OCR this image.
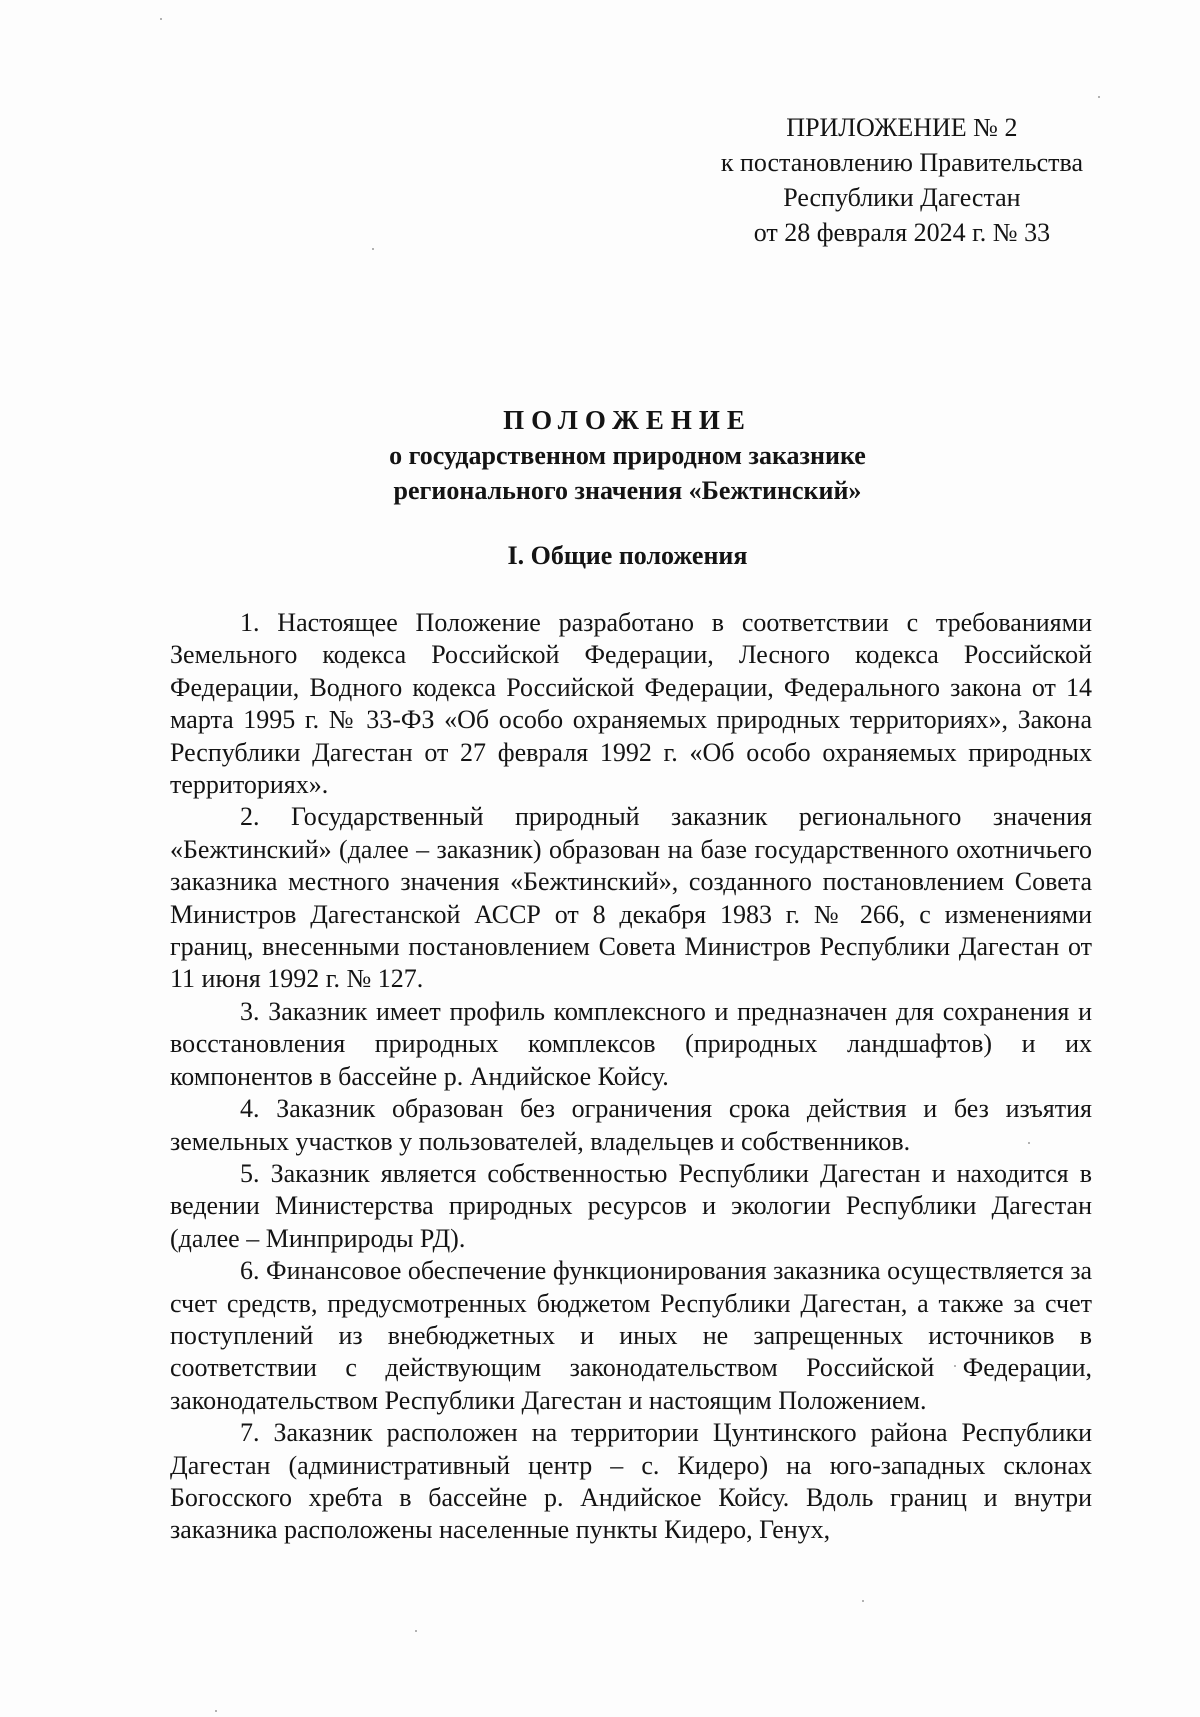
ПРИЛОЖЕНИЕ № 2
к постановлению Правительства
Республики Дагестан
от 28 февраля 2024 г. № 33
ПОЛОЖЕНИЕ
о государственном природном заказнике
регионального значения «Бежтинский»
I. Общие положения

1. Настоящее Положение разработано в соответствии с требованиями Земельного кодекса Российской Федерации, Лесного кодекса Российской Федерации, Водного кодекса Российской Федерации, Федерального закона от 14 марта 1995 г. № 33-ФЗ «Об особо охраняемых природных территориях», Закона Республики Дагестан от 27 февраля 1992 г. «Об особо охраняемых природных территориях».

2. Государственный природный заказник регионального значения «Бежтинский» (далее – заказник) образован на базе государственного охотничьего заказника местного значения «Бежтинский», созданного постановлением Совета Министров Дагестанской АССР от 8 декабря 1983 г. № 266, с изменениями границ, внесенными постановлением Совета Министров Республики Дагестан от 11 июня 1992 г. № 127.

3. Заказник имеет профиль комплексного и предназначен для сохранения и восстановления природных комплексов (природных ландшафтов) и их компонентов в бассейне р. Андийское Койсу.

4. Заказник образован без ограничения срока действия и без изъятия земельных участков у пользователей, владельцев и собственников.

5. Заказник является собственностью Республики Дагестан и находится в ведении Министерства природных ресурсов и экологии Республики Дагестан (далее – Минприроды РД).

6. Финансовое обеспечение функционирования заказника осуществляется за счет средств, предусмотренных бюджетом Республики Дагестан, а также за счет поступлений из внебюджетных и иных не запрещенных источников в соответствии с действующим законодательством Российской Федерации, законодательством Республики Дагестан и настоящим Положением.

7. Заказник расположен на территории Цунтинского района Республики Дагестан (административный центр – с. Кидеро) на юго-западных склонах Богосского хребта в бассейне р. Андийское Койсу. Вдоль границ и внутри заказника расположены населенные пункты Кидеро, Генух,
